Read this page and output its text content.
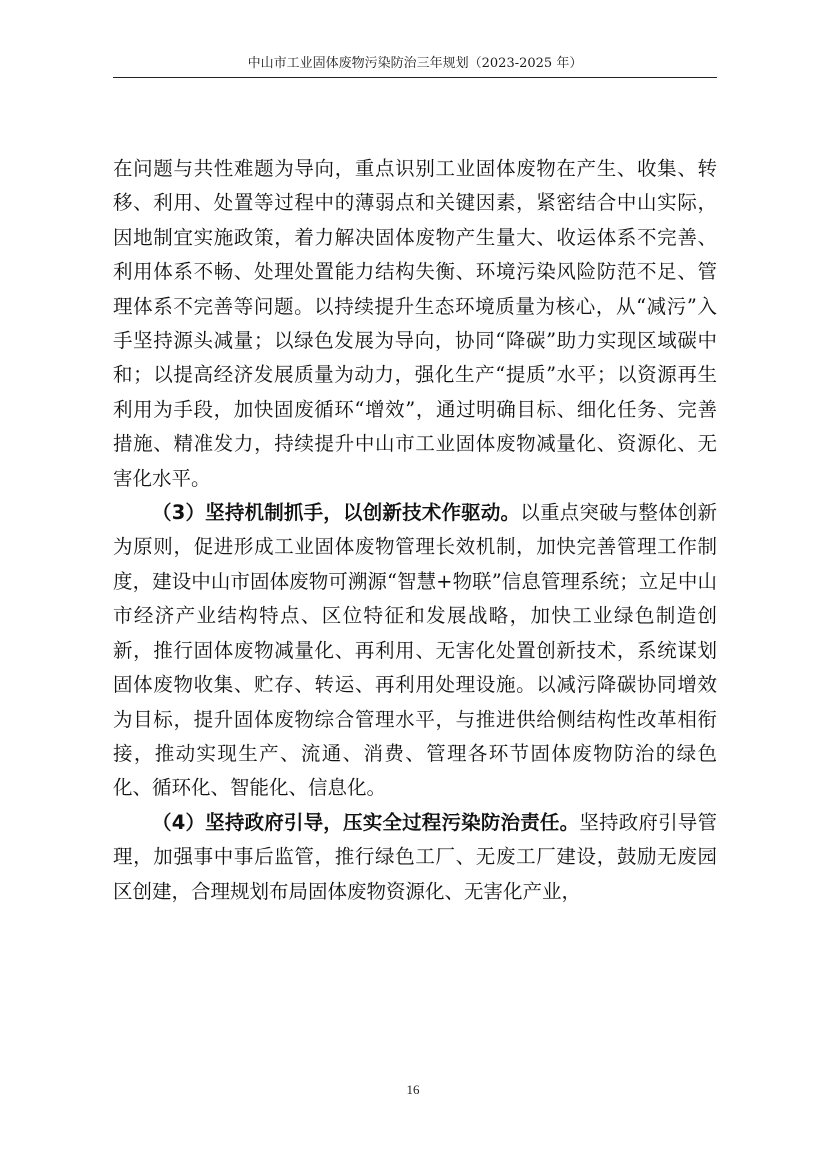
中山市工业固体废物污染防治三年规划（2023-2025 年）

在问题与共性难题为导向，重点识别工业固体废物在产生、收集、转移、利用、处置等过程中的薄弱点和关键因素，紧密结合中山实际，因地制宜实施政策，着力解决固体废物产生量大、收运体系不完善、利用体系不畅、处理处置能力结构失衡、环境污染风险防范不足、管理体系不完善等问题。以持续提升生态环境质量为核心，从“减污”入手坚持源头减量；以绿色发展为导向，协同“降碳”助力实现区域碳中和；以提高经济发展质量为动力，强化生产“提质”水平；以资源再生利用为手段，加快固废循环“增效”，通过明确目标、细化任务、完善措施、精准发力，持续提升中山市工业固体废物减量化、资源化、无害化水平。

（3）坚持机制抓手，以创新技术作驱动。以重点突破与整体创新为原则，促进形成工业固体废物管理长效机制，加快完善管理工作制度，建设中山市固体废物可溯源“智慧+物联”信息管理系统；立足中山市经济产业结构特点、区位特征和发展战略，加快工业绿色制造创新，推行固体废物减量化、再利用、无害化处置创新技术，系统谋划固体废物收集、贮存、转运、再利用处理设施。以减污降碳协同增效为目标，提升固体废物综合管理水平，与推进供给侧结构性改革相衔接，推动实现生产、流通、消费、管理各环节固体废物防治的绿色化、循环化、智能化、信息化。

（4）坚持政府引导，压实全过程污染防治责任。坚持政府引导管理，加强事中事后监管，推行绿色工厂、无废工厂建设，鼓励无废园区创建，合理规划布局固体废物资源化、无害化产业，

16
